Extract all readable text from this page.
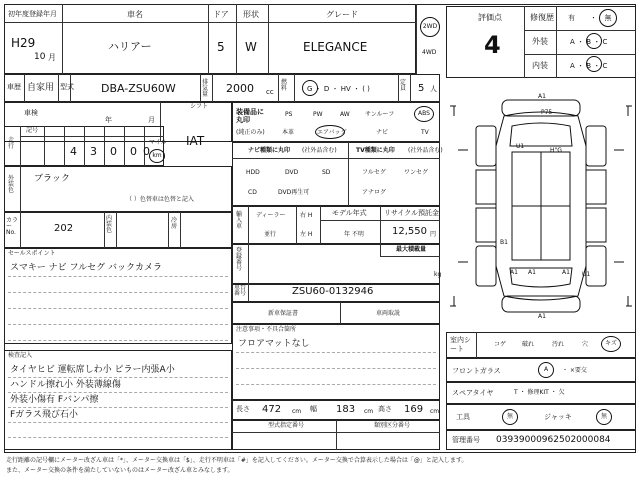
初年度登録年月
H29
10 月
車名
ハリアー
ドア
5
形状
W
グレード
ELEGANCE
2WD
4WD
車歴 自家用 型式 DBA-ZSU60W	排気量 2000 cc
燃料	G ・ D ・ HV ・ ( )
定員 5 人
評価点
4
修復歴 有 ・ 無
外装	A ・ B ・ C
内装	A ・ B ・ C
車検
年	月
シフト
IAT
走行
記号
4 3 0 0 0
マイル
km
外装色
ブラック
（ ）色替車は色替と記入
カラーNo.	202
内装色
冷房
セールスポイント
スマキー ナビ フルセグ バックカメラ
検査記入
タイヤヒビ 運転席しわ小 ピラー内張A小
ハンドル擦れ小 外装薄線傷
外装小傷有 Fバンパ擦
Fガラス飛び石小
装備品に丸印
(純正のみ)
PS	PW	AW	サンルーフ	ABS
本革	エアバッグ	ナビ	TV
ナビ種類に丸印 (社外品含む)
HDD	DVD	SD
CD	DVD再生可
TV種類に丸印 (社外品含む)
フルセグ	ワンセグ
アナログ
輸入車
ディーラー
並行
右 H
左 H
モデル年式
年 不明
リサイクル預託金
12,550 円
登録番号
最大積載量
kg
車台番号	ZSU60-0132946
新車保証書	車両取説
注意事項・不具合箇所
フロアマットなし
長さ 472 cm 幅 183 cm 高さ 169 cm
型式指定番号	類別区分番号
A1
P75
U1
H"G
B1
A1 A1	A1
A1
U1
室内シート
コゲ	破れ	汚れ	穴	キズ
フロントガラス	A ・ ×要交
スペアタイヤ	T ・ 修理KIT ・ 欠
工具	無	ジャッキ	無
管理番号 03939000962502000084
走行距離の記号欄にメーター改ざん車は「*」、メーター交換車は「$」、走行不明車は「#」を記入してください。メーター交換で合算表示した場合は「@」と記入します。
また、メーター交換の条件を満たしていないものはメーター改ざん車とみなします。
